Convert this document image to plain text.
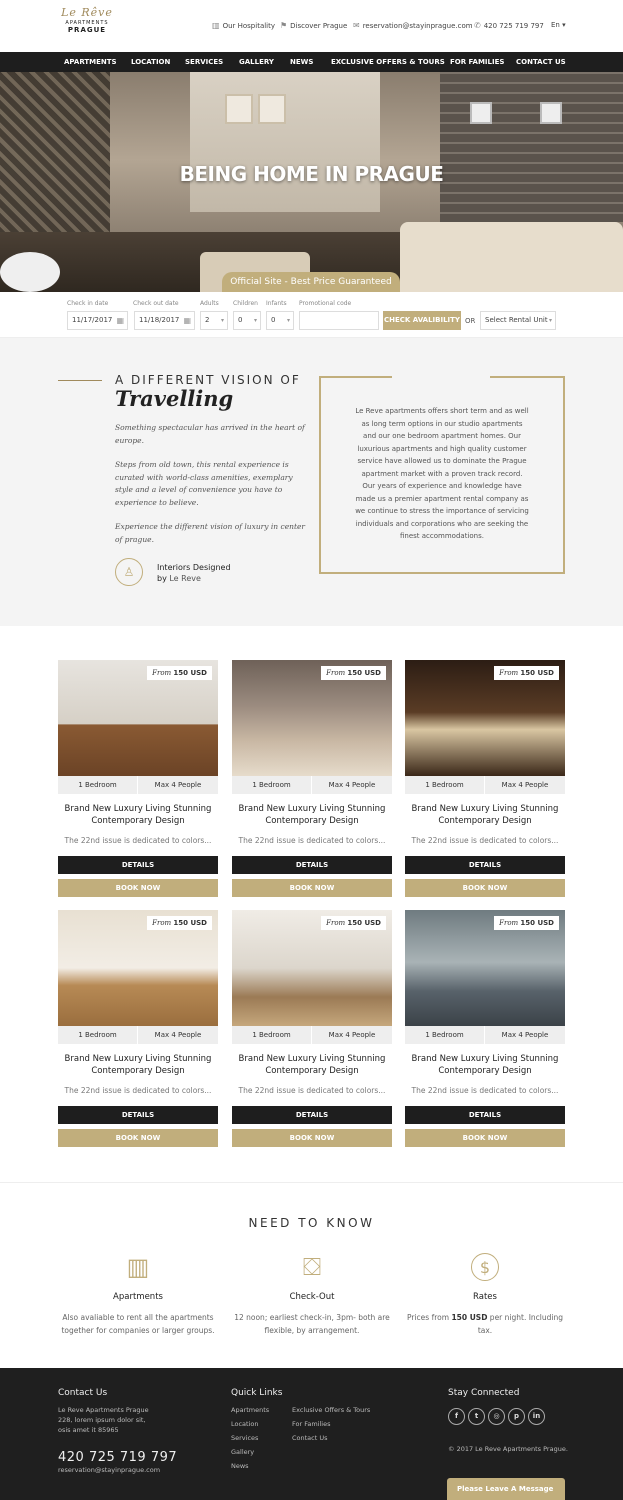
Le Rêve
APARTMENTS
PRAGUE	▥ Our Hospitality ⚑ Discover Prague ✉ reservation@stayinprague.com ✆ 420 725 719 797 En ▾
APARTMENTS LOCATION SERVICES GALLERY NEWS	EXCLUSIVE OFFERS & TOURS FOR FAMILIES CONTACT US
BEING HOME IN PRAGUE
Official Site - Best Price Guaranteed
Check in date	Check out date	Adults Children Infants Promotional code
11/17/2017 ▦	11/18/2017 ▦	2 ▾	0 ▾	0 ▾	CHECK AVALIBILITY OR	Select Rental Unit ▾
A DIFFERENT VISION OF
Travelling
Something spectacular has arrived in the heart of europe.
Steps from old town, this rental experience is curated with world-class amenities, exemplary style and a level of convenience you have to experience to believe.
Experience the different vision of luxury in center of prague.
♙	Interiors Designed
by Le Reve
Le Reve apartments offers short term and as well as long term options in our studio apartments and our one bedroom apartment homes. Our luxurious apartments and high quality customer service have allowed us to dominate the Prague apartment market with a proven track record. Our years of experience and knowledge have made us a premier apartment rental company as we continue to stress the importance of servicing individuals and corporations who are seeking the finest accommodations.
From 150 USD
1 Bedroom	Max 4 People
Brand New Luxury Living Stunning Contemporary Design
The 22nd issue is dedicated to colors...
DETAILS
BOOK NOW
From 150 USD
1 Bedroom	Max 4 People
Brand New Luxury Living Stunning Contemporary Design
The 22nd issue is dedicated to colors...
DETAILS
BOOK NOW
From 150 USD
1 Bedroom	Max 4 People
Brand New Luxury Living Stunning Contemporary Design
The 22nd issue is dedicated to colors...
DETAILS
BOOK NOW
From 150 USD
1 Bedroom	Max 4 People
Brand New Luxury Living Stunning Contemporary Design
The 22nd issue is dedicated to colors...
DETAILS
BOOK NOW
From 150 USD
1 Bedroom	Max 4 People
Brand New Luxury Living Stunning Contemporary Design
The 22nd issue is dedicated to colors...
DETAILS
BOOK NOW
From 150 USD
1 Bedroom	Max 4 People
Brand New Luxury Living Stunning Contemporary Design
The 22nd issue is dedicated to colors...
DETAILS
BOOK NOW
NEED TO KNOW
▥
Apartments
Also avaliable to rent all the apartments together for companies or larger groups.
⛋
Check-Out
12 noon; earliest check-in, 3pm- both are flexible, by arrangement.
$
Rates
Prices from 150 USD per night. Including tax.
Contact Us
Le Reve Apartments Prague
228, lorem ipsum dolor sit,
osis amet it 85965
420 725 719 797
reservation@stayinprague.com
Quick Links
Apartments
Location
Services
Gallery
News
Exclusive Offers & Tours
For Families
Contact Us
Stay Connected
f	t	◎	p	in
© 2017 Le Reve Apartments Prague.
Please Leave A Message
